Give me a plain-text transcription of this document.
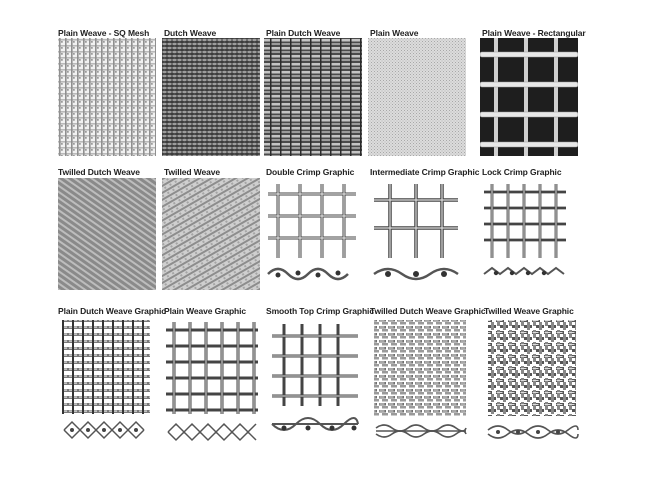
Plain Weave - SQ Mesh Dutch Weave	Plain Dutch Weave	Plain Weave	Plain Weave - Rectangular
Twilled Dutch Weave	Twilled Weave	Double Crimp Graphic Intermediate Crimp Graphic Lock Crimp Graphic
Plain Dutch Weave Graphic
Plain Weave Graphic Smooth Top Crimp Graphic
Twilled Dutch Weave Graphic
Twilled Weave Graphic
